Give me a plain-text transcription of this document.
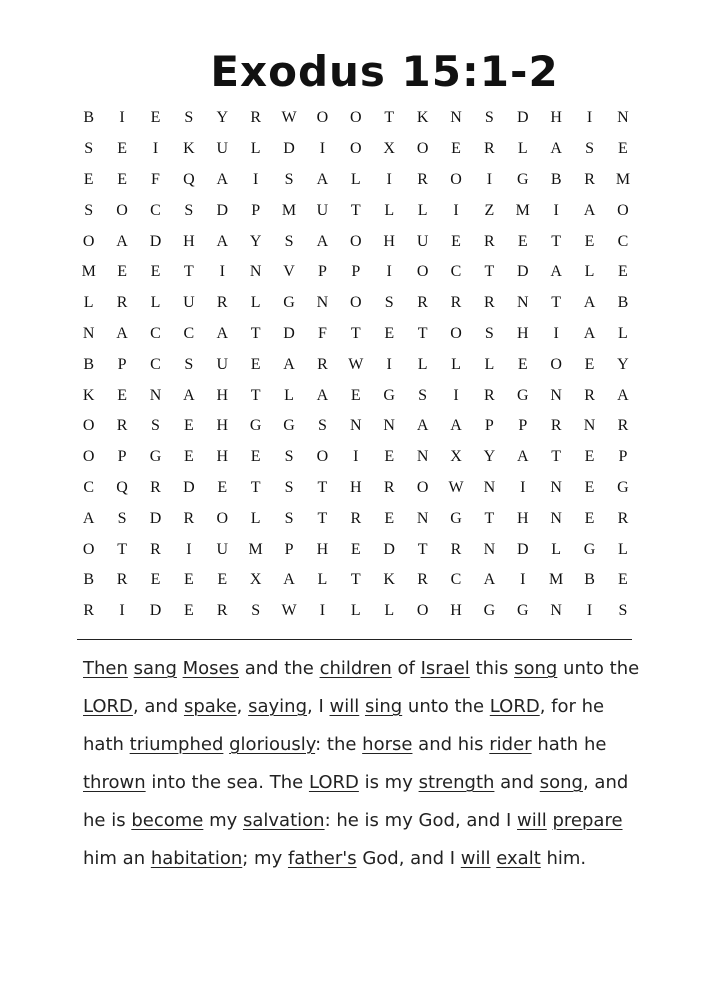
Exodus 15:1-2
B	I	E	S	Y	R	W	O	O	T	K	N	S	D	H	I	N
S	E	I	K	U	L	D	I	O	X	O	E	R	L	A	S	E
E	E	F	Q	A	I	S	A	L	I	R	O	I	G	B	R	M
S	O	C	S	D	P	M	U	T	L	L	I	Z	M	I	A	O
O	A	D	H	A	Y	S	A	O	H	U	E	R	E	T	E	C
M	E	E	T	I	N	V	P	P	I	O	C	T	D	A	L	E
L	R	L	U	R	L	G	N	O	S	R	R	R	N	T	A	B
N	A	C	C	A	T	D	F	T	E	T	O	S	H	I	A	L
B	P	C	S	U	E	A	R	W	I	L	L	L	E	O	E	Y
K	E	N	A	H	T	L	A	E	G	S	I	R	G	N	R	A
O	R	S	E	H	G	G	S	N	N	A	A	P	P	R	N	R
O	P	G	E	H	E	S	O	I	E	N	X	Y	A	T	E	P
C	Q	R	D	E	T	S	T	H	R	O	W	N	I	N	E	G
A	S	D	R	O	L	S	T	R	E	N	G	T	H	N	E	R
O	T	R	I	U	M	P	H	E	D	T	R	N	D	L	G	L
B	R	E	E	E	X	A	L	T	K	R	C	A	I	M	B	E
R	I	D	E	R	S	W	I	L	L	O	H	G	G	N	I	S
Then sang Moses and the children of Israel this song unto the LORD, and spake, saying, I will sing unto the LORD, for he hath triumphed gloriously: the horse and his rider hath he thrown into the sea. The LORD is my strength and song, and he is become my salvation: he is my God, and I will prepare him an habitation; my father's God, and I will exalt him.
